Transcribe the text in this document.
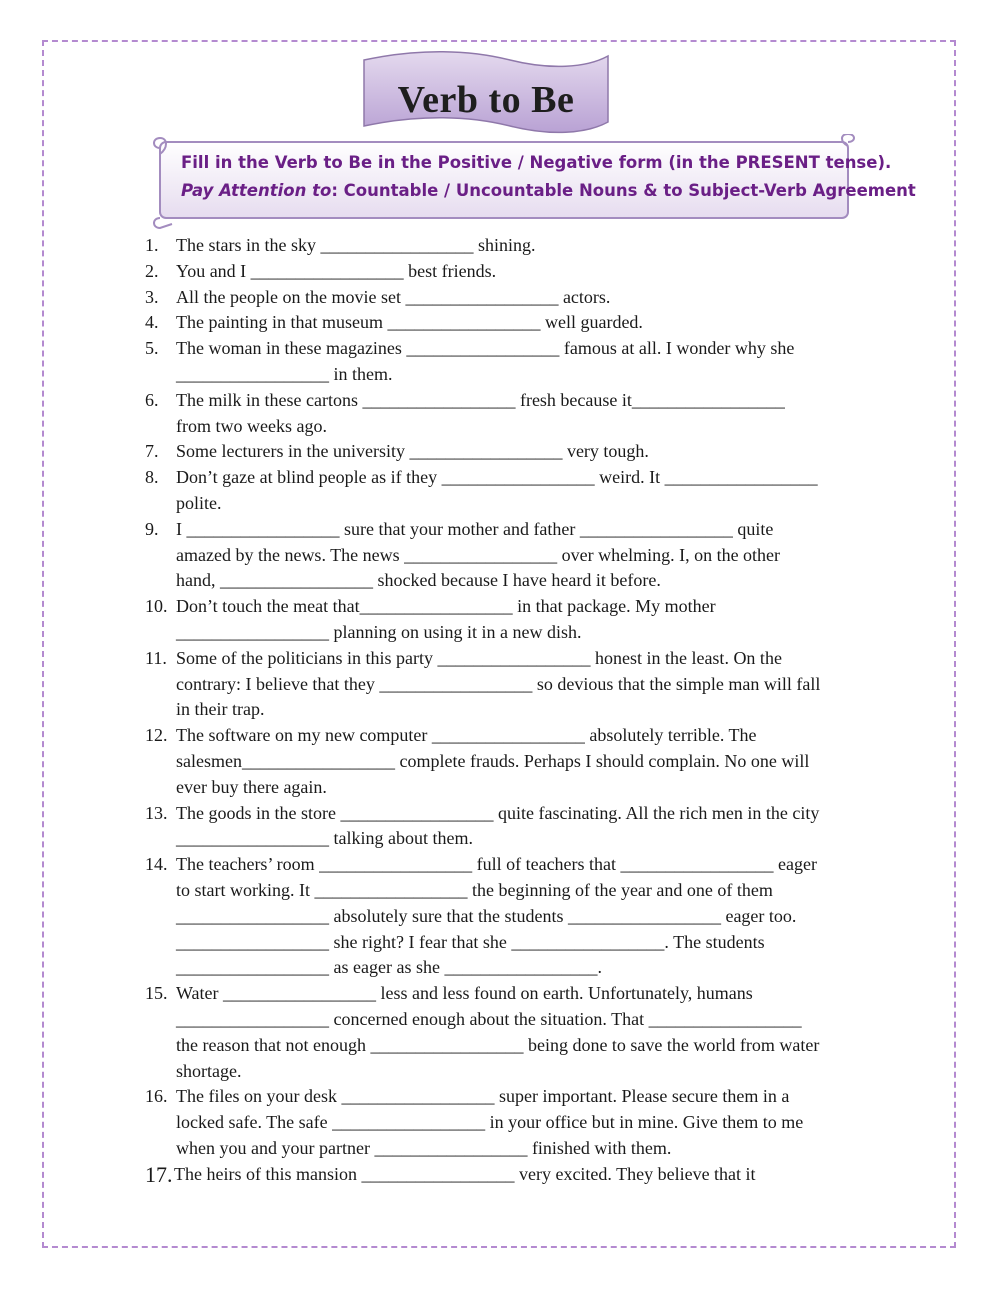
Verb to Be
Fill in the Verb to Be in the Positive / Negative form (in the PRESENT tense).
Pay Attention to: Countable / Uncountable Nouns & to Subject-Verb Agreement
1. The stars in the sky _________________ shining.
2. You and I _________________ best friends.
3. All the people on the movie set _________________ actors.
4. The painting in that museum _________________ well guarded.
5. The woman in these magazines _________________ famous at all. I wonder why she
_________________ in them.
6. The milk in these cartons _________________ fresh because it_________________
from two weeks ago.
7. Some lecturers in the university _________________ very tough.
8. Don’t gaze at blind people as if they _________________ weird. It _________________
polite.
9. I _________________ sure that your mother and father _________________ quite
amazed by the news. The news _________________ over whelming. I, on the other
hand, _________________ shocked because I have heard it before.
10. Don’t touch the meat that_________________ in that package. My mother
_________________ planning on using it in a new dish.
11. Some of the politicians in this party _________________ honest in the least. On the
contrary: I believe that they _________________ so devious that the simple man will fall
in their trap.
12. The software on my new computer _________________ absolutely terrible. The
salesmen_________________ complete frauds. Perhaps I should complain. No one will
ever buy there again.
13. The goods in the store _________________ quite fascinating. All the rich men in the city
_________________ talking about them.
14. The teachers’ room _________________ full of teachers that _________________ eager
to start working. It _________________ the beginning of the year and one of them
_________________ absolutely sure that the students _________________ eager too.
_________________ she right? I fear that she _________________. The students
_________________ as eager as she _________________.
15. Water _________________ less and less found on earth. Unfortunately, humans
_________________ concerned enough about the situation. That _________________
the reason that not enough _________________ being done to save the world from water
shortage.
16. The files on your desk _________________ super important. Please secure them in a
locked safe. The safe _________________ in your office but in mine. Give them to me
when you and your partner _________________ finished with them.
17. The heirs of this mansion _________________ very excited. They believe that it
